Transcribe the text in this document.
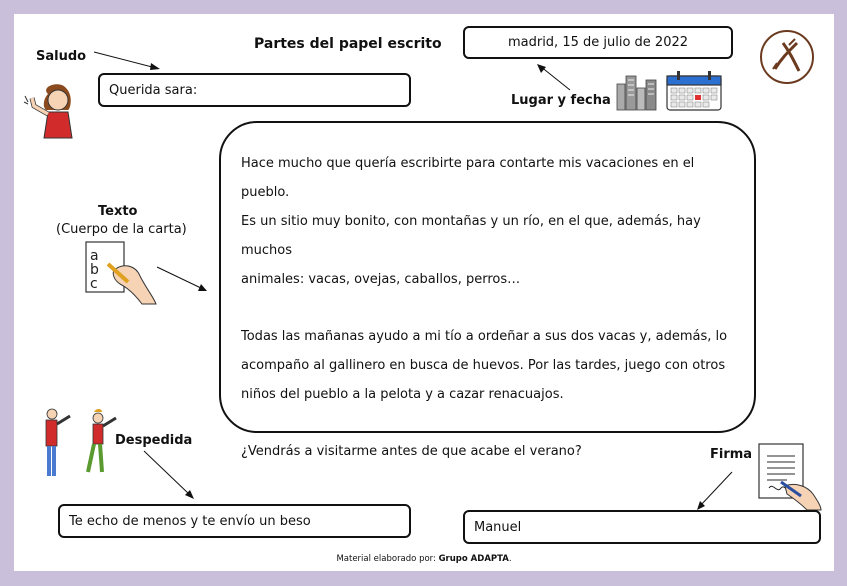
Partes del papel escrito
Saludo
Querida sara:
madrid, 15 de julio de 2022
Lugar y fecha
Texto
(Cuerpo de la carta)
a
b
c

Hace mucho que quería escribirte para contarte mis vacaciones en el pueblo.

Es un sitio muy bonito, con montañas y un río, en el que, además, hay muchos

animales: vacas, ovejas, caballos, perros…

Todas las mañanas ayudo a mi tío a ordeñar a sus dos vacas y, además, lo

acompaño al gallinero en busca de huevos. Por las tardes, juego con otros

niños del pueblo a la pelota y a cazar renacuajos.

¿Vendrás a visitarme antes de que acabe el verano?

Despedida
Te echo de menos y te envío un beso
Firma
Manuel
Material elaborado por: Grupo ADAPTA.
